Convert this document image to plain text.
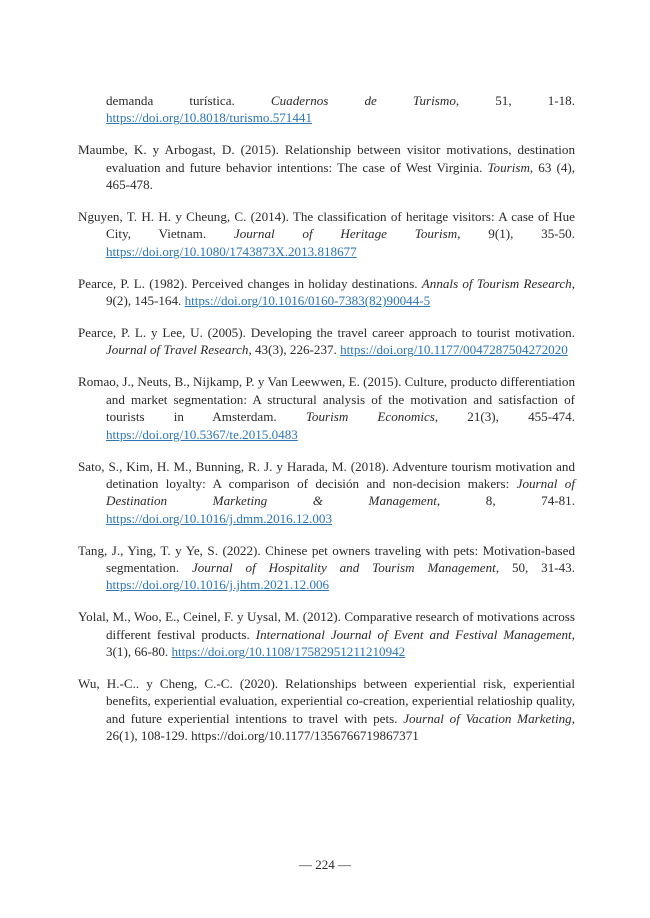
demanda turística. Cuadernos de Turismo, 51, 1-18. https://doi.org/10.8018/turismo.571441

Maumbe, K. y Arbogast, D. (2015). Relationship between visitor motivations, destination evaluation and future behavior intentions: The case of West Virginia. Tourism, 63 (4), 465-478.

Nguyen, T. H. H. y Cheung, C. (2014). The classification of heritage visitors: A case of Hue City, Vietnam. Journal of Heritage Tourism, 9(1), 35-50. https://doi.org/10.1080/1743873X.2013.818677

Pearce, P. L. (1982). Perceived changes in holiday destinations. Annals of Tourism Research, 9(2), 145-164. https://doi.org/10.1016/0160-7383(82)90044-5

Pearce, P. L. y Lee, U. (2005). Developing the travel career approach to tourist motivation. Journal of Travel Research, 43(3), 226-237. https://doi.org/10.1177/0047287504272020

Romao, J., Neuts, B., Nijkamp, P. y Van Leewwen, E. (2015). Culture, producto differentiation and market segmentation: A structural analysis of the motivation and satisfaction of tourists in Amsterdam. Tourism Economics, 21(3), 455-474. https://doi.org/10.5367/te.2015.0483

Sato, S., Kim, H. M., Bunning, R. J. y Harada, M. (2018). Adventure tourism motivation and detination loyalty: A comparison of decisión and non-decision makers: Journal of Destination Marketing & Management, 8, 74-81. https://doi.org/10.1016/j.dmm.2016.12.003

Tang, J., Ying, T. y Ye, S. (2022). Chinese pet owners traveling with pets: Motivation-based segmentation. Journal of Hospitality and Tourism Management, 50, 31-43. https://doi.org/10.1016/j.jhtm.2021.12.006

Yolal, M., Woo, E., Ceinel, F. y Uysal, M. (2012). Comparative research of motivations across different festival products. International Journal of Event and Festival Management, 3(1), 66-80. https://doi.org/10.1108/17582951211210942

Wu, H.-C.. y Cheng, C.-C. (2020). Relationships between experiential risk, experiential benefits, experiential evaluation, experiential co-creation, experiential relatioship quality, and future experiential intentions to travel with pets. Journal of Vacation Marketing, 26(1), 108-129. https://doi.org/10.1177/1356766719867371

— 224 —
